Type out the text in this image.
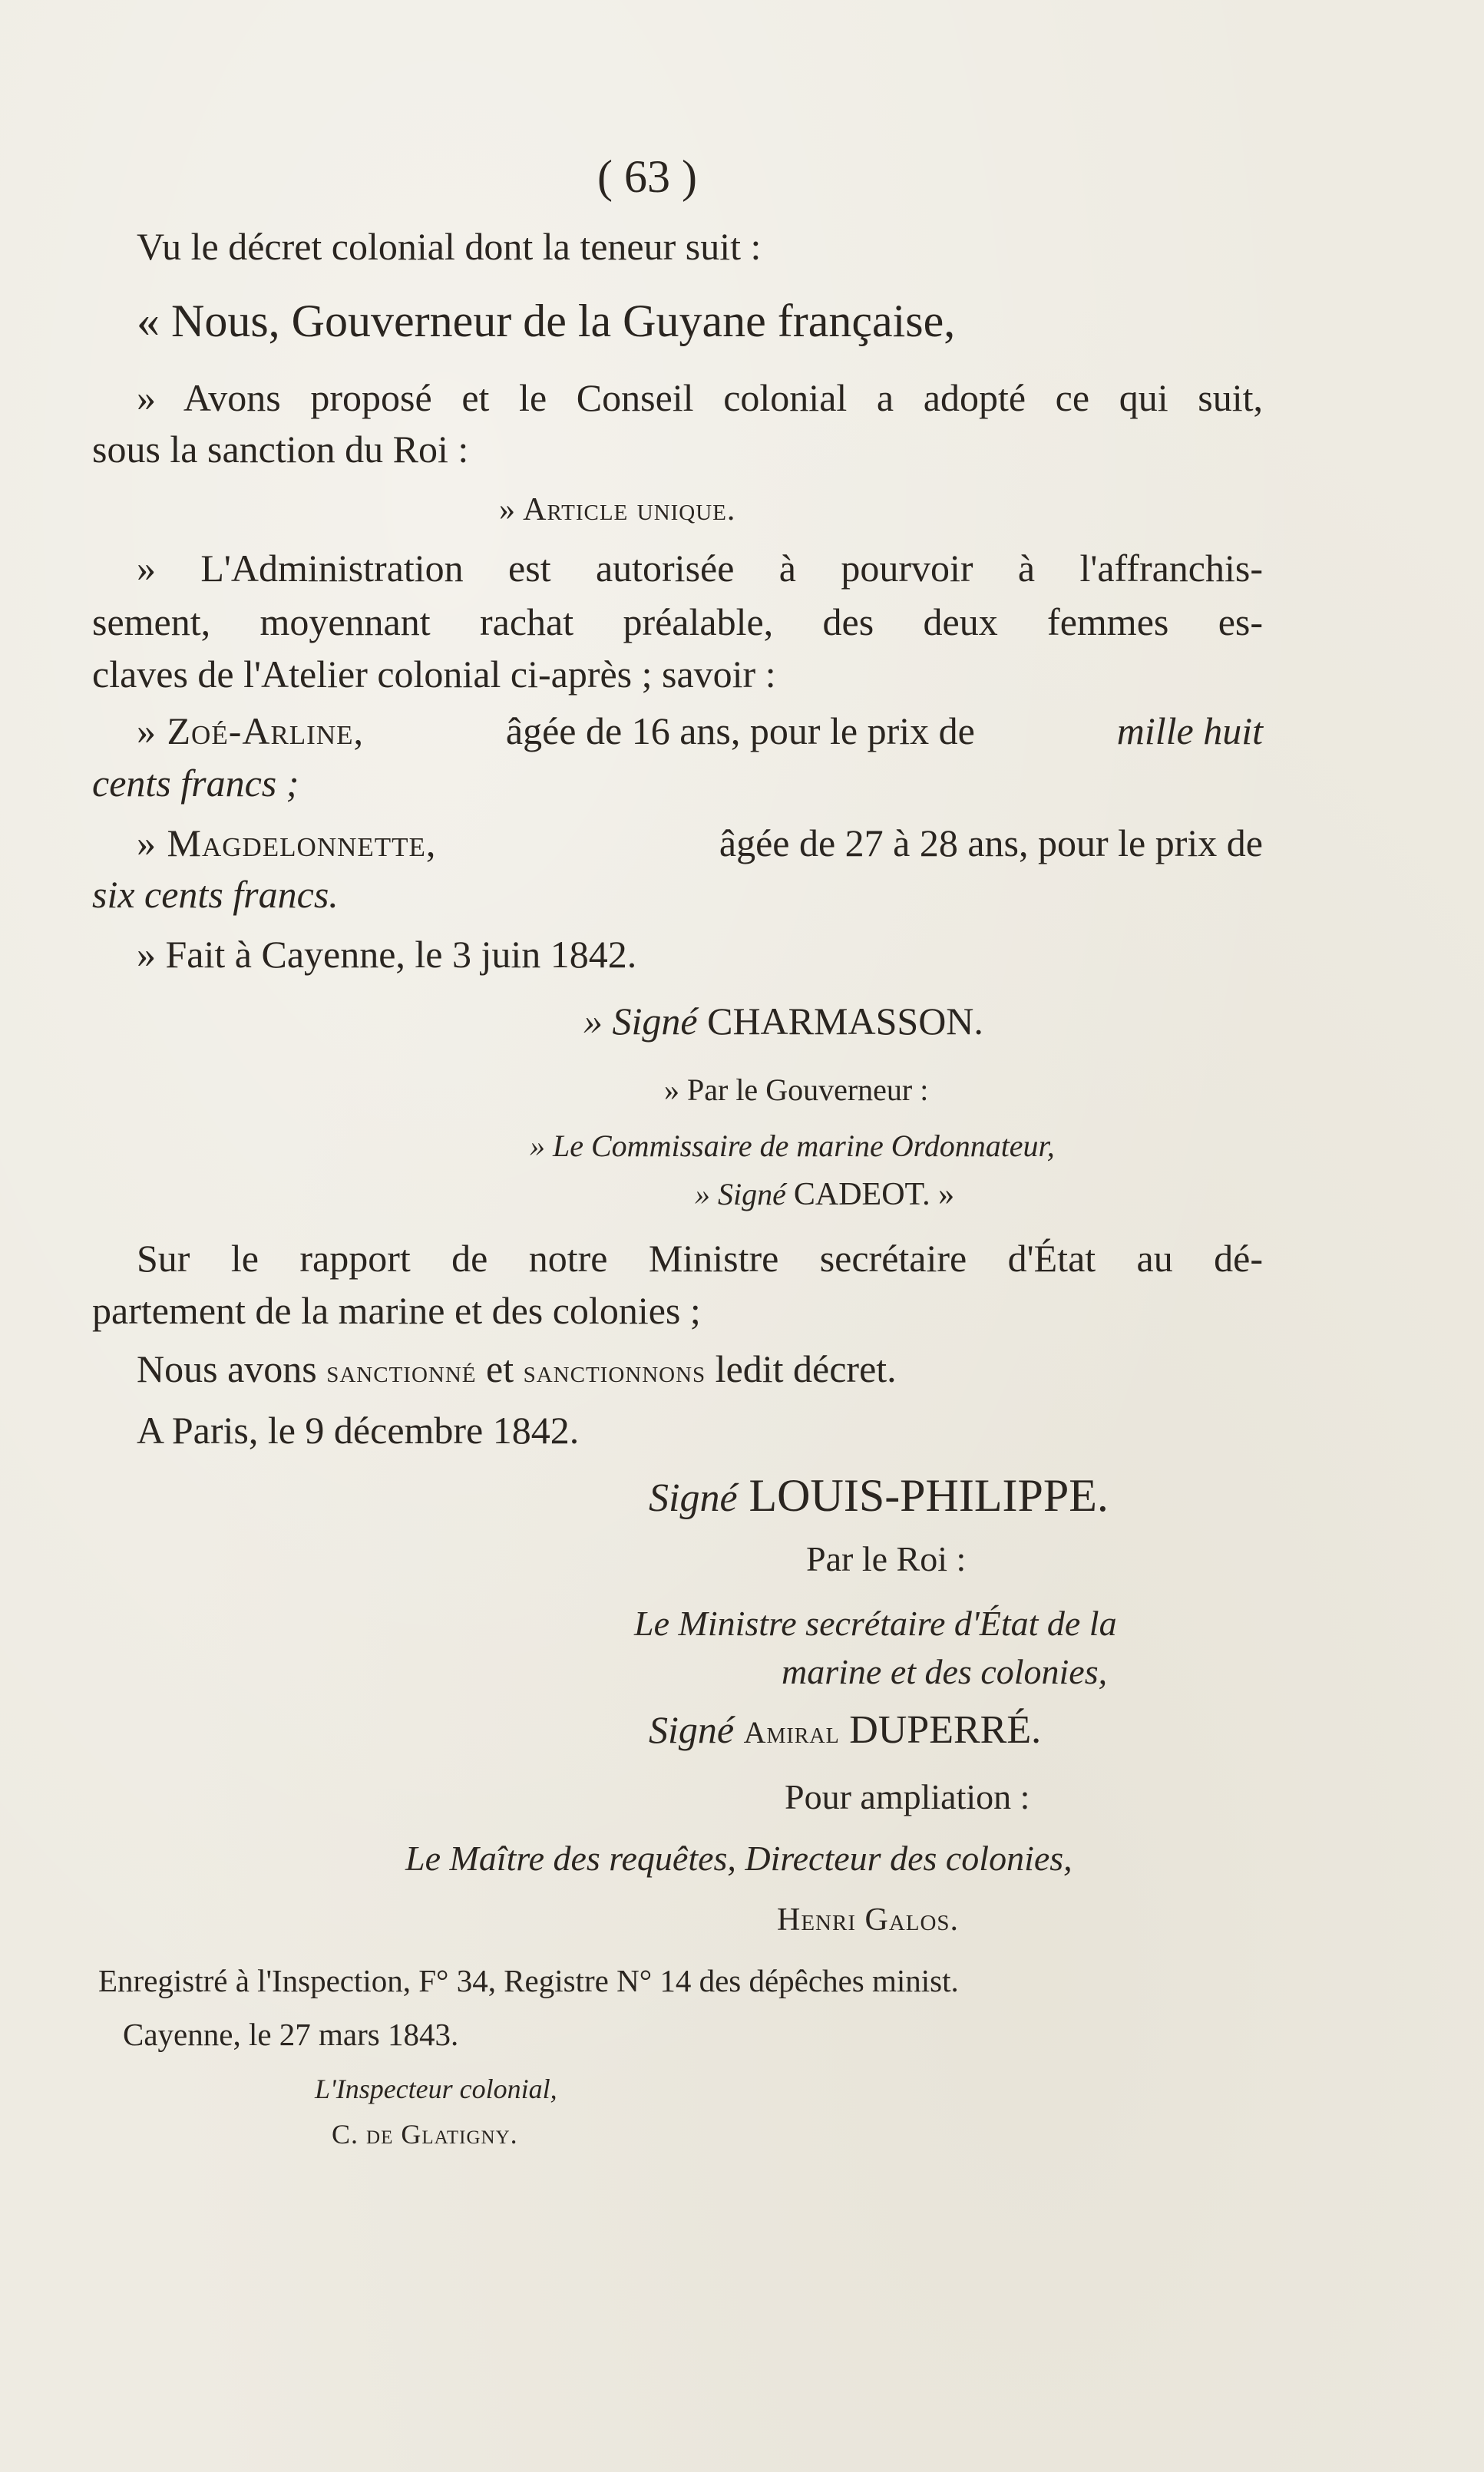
( 63 )
Vu le décret colonial dont la teneur suit :
« Nous, Gouverneur de la Guyane française,
» Avons proposé et le Conseil colonial a adopté ce qui suit,
sous la sanction du Roi :
» Article unique.
» L'Administration est autorisée à pourvoir à l'affranchis-
sement, moyennant rachat préalable, des deux femmes es-
claves de l'Atelier colonial ci-après ; savoir :
» Zoé-Arline,	âgée de 16 ans, pour le prix de	mille huit
cents francs ;
» Magdelonnette,	âgée de 27 à 28 ans, pour le prix de
six cents francs.
» Fait à Cayenne, le 3 juin 1842.
» Signé CHARMASSON.
» Par le Gouverneur :
» Le Commissaire de marine Ordonnateur,
» Signé CADEOT. »
Sur le rapport de notre Ministre secrétaire d'État au dé-
partement de la marine et des colonies ;
Nous avons sanctionné et sanctionnons ledit décret.
A Paris, le 9 décembre 1842.
Signé LOUIS-PHILIPPE.
Par le Roi :
Le Ministre secrétaire d'État de la
marine et des colonies,
Signé Amiral DUPERRÉ.
Pour ampliation :
Le Maître des requêtes, Directeur des colonies,
Henri Galos.
Enregistré à l'Inspection, F° 34, Registre N° 14 des dépêches minist.
Cayenne, le 27 mars 1843.
L'Inspecteur colonial,
C. de Glatigny.
